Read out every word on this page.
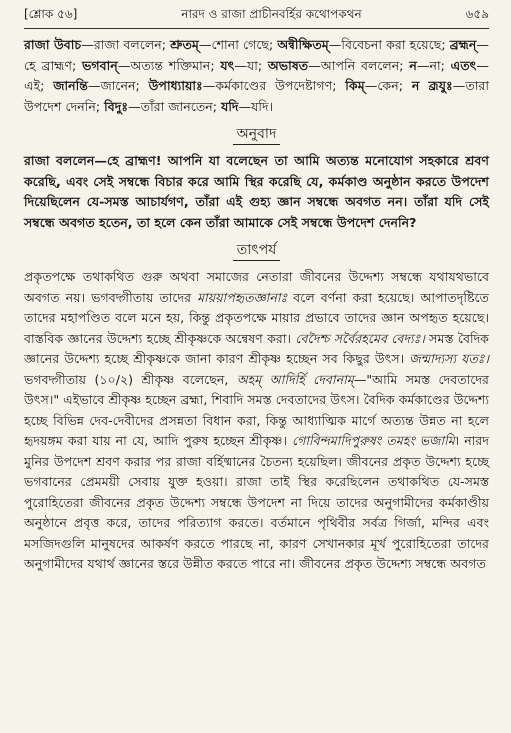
[শ্লোক ৫৬]	নারদ ও রাজা প্রাচীনবর্হির কথোপকথন	৬৫৯

রাজা উবাচ—রাজা বললেন; শ্রুতম্—শোনা গেছে; অন্বীক্ষিতম্—বিবেচনা করা হয়েছে; ব্রহ্মন্—হে ব্রাহ্মণ; ভগবান্—অত্যন্ত শক্তিমান; যৎ—যা; অভাষত—আপনি বললেন; ন—না; এতৎ—এই; জানন্তি—জানেন; উপাধ্যায়াঃ—কর্মকাণ্ডের উপদেষ্টাগণ; কিম্—কেন; ন ব্রূযুঃ—তারা উপদেশ দেননি; বিদুঃ—তাঁরা জানতেন; যদি—যদি।

অনুবাদ

রাজা বললেন—হে ব্রাহ্মণ! আপনি যা বলেছেন তা আমি অত্যন্ত মনোযোগ সহকারে শ্রবণ করেছি, এবং সেই সম্বন্ধে বিচার করে আমি স্থির করেছি যে, কর্মকাণ্ড অনুষ্ঠান করতে উপদেশ দিয়েছিলেন যে-সমস্ত আচার্যগণ, তাঁরা এই গুহ্য জ্ঞান সম্বন্ধে অবগত নন। তাঁরা যদি সেই সম্বন্ধে অবগত হতেন, তা হলে কেন তাঁরা আমাকে সেই সম্বন্ধে উপদেশ দেননি?

তাৎপর্য

প্রকৃতপক্ষে তথাকথিত গুরু অথবা সমাজের নেতারা জীবনের উদ্দেশ্য সম্বন্ধে যথাযথভাবে অবগত নয়। ভগবদ্গীতায় তাদের মায়য়াপহৃতজ্ঞানাঃ বলে বর্ণনা করা হয়েছে। আপাতদৃষ্টিতে তাদের মহাপণ্ডিত বলে মনে হয়, কিন্তু প্রকৃতপক্ষে মায়ার প্রভাবে তাদের জ্ঞান অপহৃত হয়েছে। বাস্তবিক জ্ঞানের উদ্দেশ্য হচ্ছে শ্রীকৃষ্ণকে অন্বেষণ করা। বেদৈশ্চ সর্বৈরহমেব বেদ্যঃ। সমস্ত বৈদিক জ্ঞানের উদ্দেশ্য হচ্ছে শ্রীকৃষ্ণকে জানা কারণ শ্রীকৃষ্ণ হচ্ছেন সব কিছুর উৎস। জন্মাদ্যস্য যতঃ। ভগবদ্গীতায় (১০/২) শ্রীকৃষ্ণ বলেছেন, অহম্ আদির্হি দেবানাম্—"আমি সমস্ত দেবতাদের উৎস।" এইভাবে শ্রীকৃষ্ণ হচ্ছেন ব্রহ্মা, শিবাদি সমস্ত দেবতাদের উৎস। বৈদিক কর্মকাণ্ডের উদ্দেশ্য হচ্ছে বিভিন্ন দেব-দেবীদের প্রসন্নতা বিধান করা, কিন্তু আধ্যাত্মিক মার্গে অত্যন্ত উন্নত না হলে হৃদয়ঙ্গম করা যায় না যে, আদি পুরুষ হচ্ছেন শ্রীকৃষ্ণ। গোবিন্দমাদিপুরুষং তমহং ভজামি। নারদ মুনির উপদেশ শ্রবণ করার পর রাজা বর্হিষ্মানের চৈতন্য হয়েছিল। জীবনের প্রকৃত উদ্দেশ্য হচ্ছে ভগবানের প্রেমময়ী সেবায় যুক্ত হওয়া। রাজা তাই স্থির করেছিলেন তথাকথিত যে-সমস্ত পুরোহিতেরা জীবনের প্রকৃত উদ্দেশ্য সম্বন্ধে উপদেশ না দিয়ে তাদের অনুগামীদের কর্মকাণ্ডীয় অনুষ্ঠানে প্রবৃত্ত করে, তাদের পরিত্যাগ করতে। বর্তমানে পৃথিবীর সর্বত্র গির্জা, মন্দির এবং মসজিদগুলি মানুষদের আকর্ষণ করতে পারছে না, কারণ সেখানকার মূর্খ পুরোহিতেরা তাদের অনুগামীদের যথার্থ জ্ঞানের স্তরে উন্নীত করতে পারে না। জীবনের প্রকৃত উদ্দেশ্য সম্বন্ধে অবগত
